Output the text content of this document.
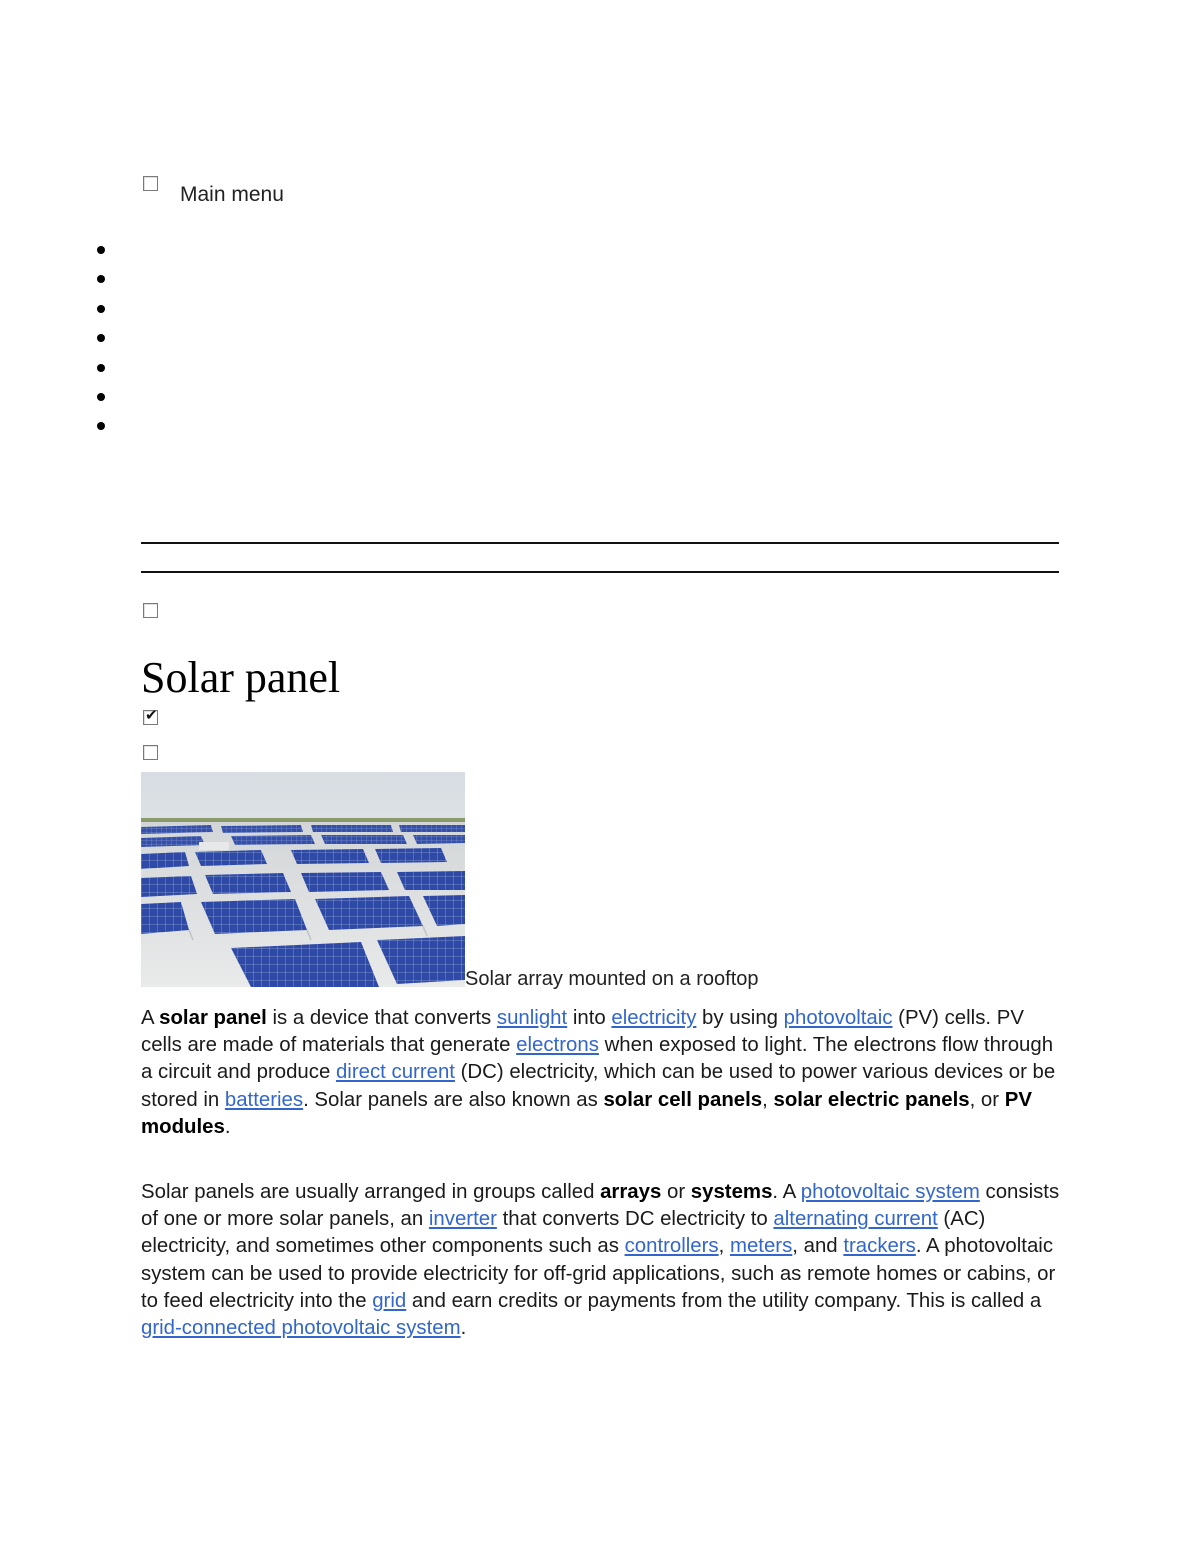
Main menu
Solar panel
✔
Solar array mounted on a rooftop

A solar panel is a device that converts sunlight into electricity by using photovoltaic (PV) cells. PV cells are made of materials that generate electrons when exposed to light. The electrons flow through a circuit and produce direct current (DC) electricity, which can be used to power various devices or be stored in batteries. Solar panels are also known as solar cell panels, solar electric panels, or PV modules.

Solar panels are usually arranged in groups called arrays or systems. A photovoltaic system consists of one or more solar panels, an inverter that converts DC electricity to alternating current (AC) electricity, and sometimes other components such as controllers, meters, and trackers. A photovoltaic system can be used to provide electricity for off-grid applications, such as remote homes or cabins, or to feed electricity into the grid and earn credits or payments from the utility company. This is called a grid-connected photovoltaic system.
